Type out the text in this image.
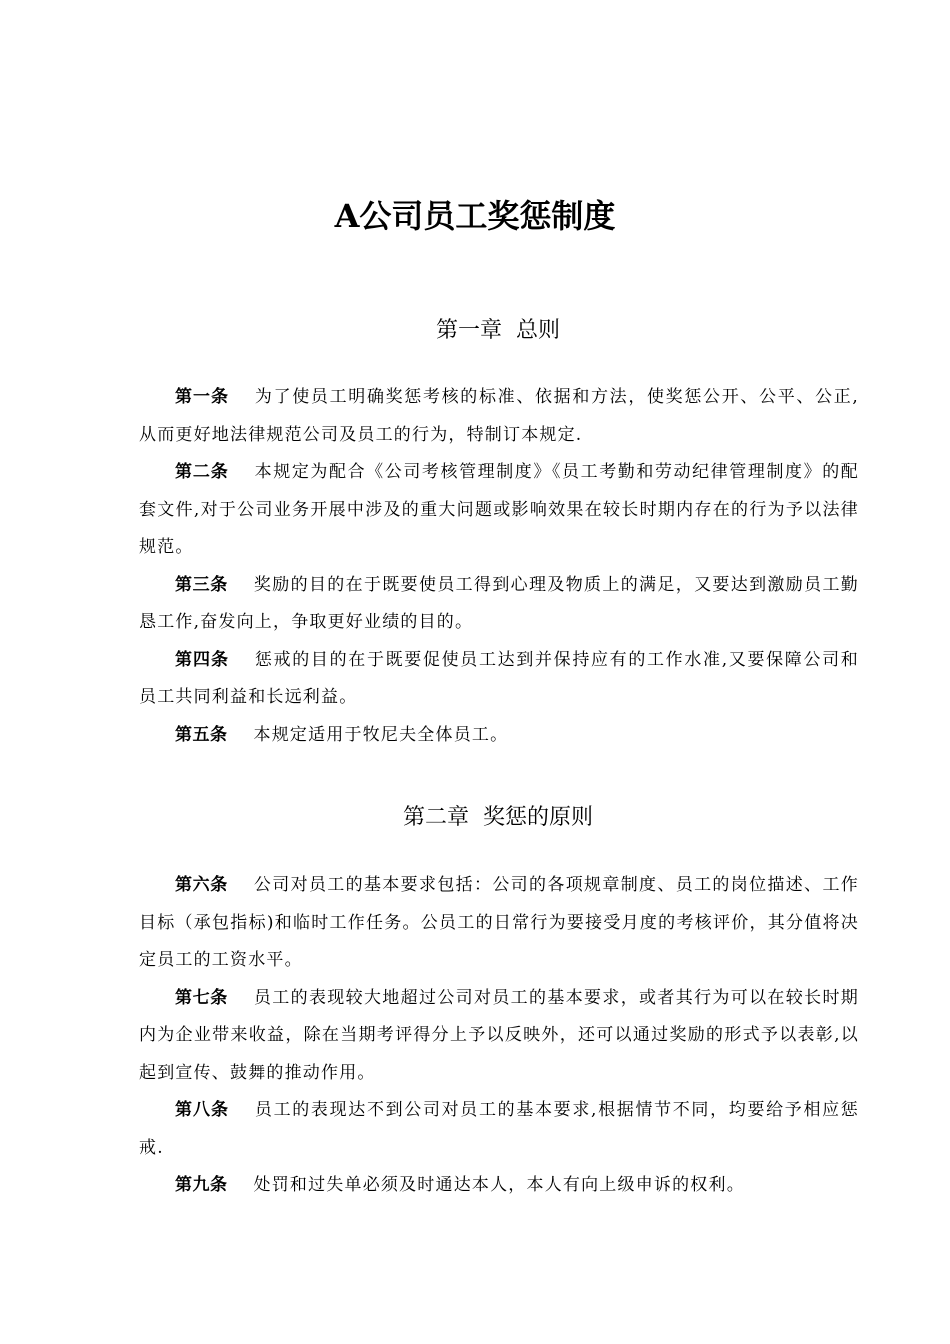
A公司员工奖惩制度
第一章 总则

第一条 为了使员工明确奖惩考核的标准、依据和方法，使奖惩公开、公平、公正,从而更好地法律规范公司及员工的行为，特制订本规定.

第二条 本规定为配合《公司考核管理制度》《员工考勤和劳动纪律管理制度》的配套文件,对于公司业务开展中涉及的重大问题或影响效果在较长时期内存在的行为予以法律规范。

第三条 奖励的目的在于既要使员工得到心理及物质上的满足，又要达到激励员工勤恳工作,奋发向上，争取更好业绩的目的。

第四条 惩戒的目的在于既要促使员工达到并保持应有的工作水准,又要保障公司和员工共同利益和长远利益。

第五条 本规定适用于牧尼夫全体员工。

第二章 奖惩的原则

第六条 公司对员工的基本要求包括：公司的各项规章制度、员工的岗位描述、工作目标（承包指标)和临时工作任务。公员工的日常行为要接受月度的考核评价，其分值将决定员工的工资水平。

第七条 员工的表现较大地超过公司对员工的基本要求，或者其行为可以在较长时期内为企业带来收益，除在当期考评得分上予以反映外，还可以通过奖励的形式予以表彰,以起到宣传、鼓舞的推动作用。

第八条 员工的表现达不到公司对员工的基本要求,根据情节不同，均要给予相应惩戒.

第九条 处罚和过失单必须及时通达本人，本人有向上级申诉的权利。
